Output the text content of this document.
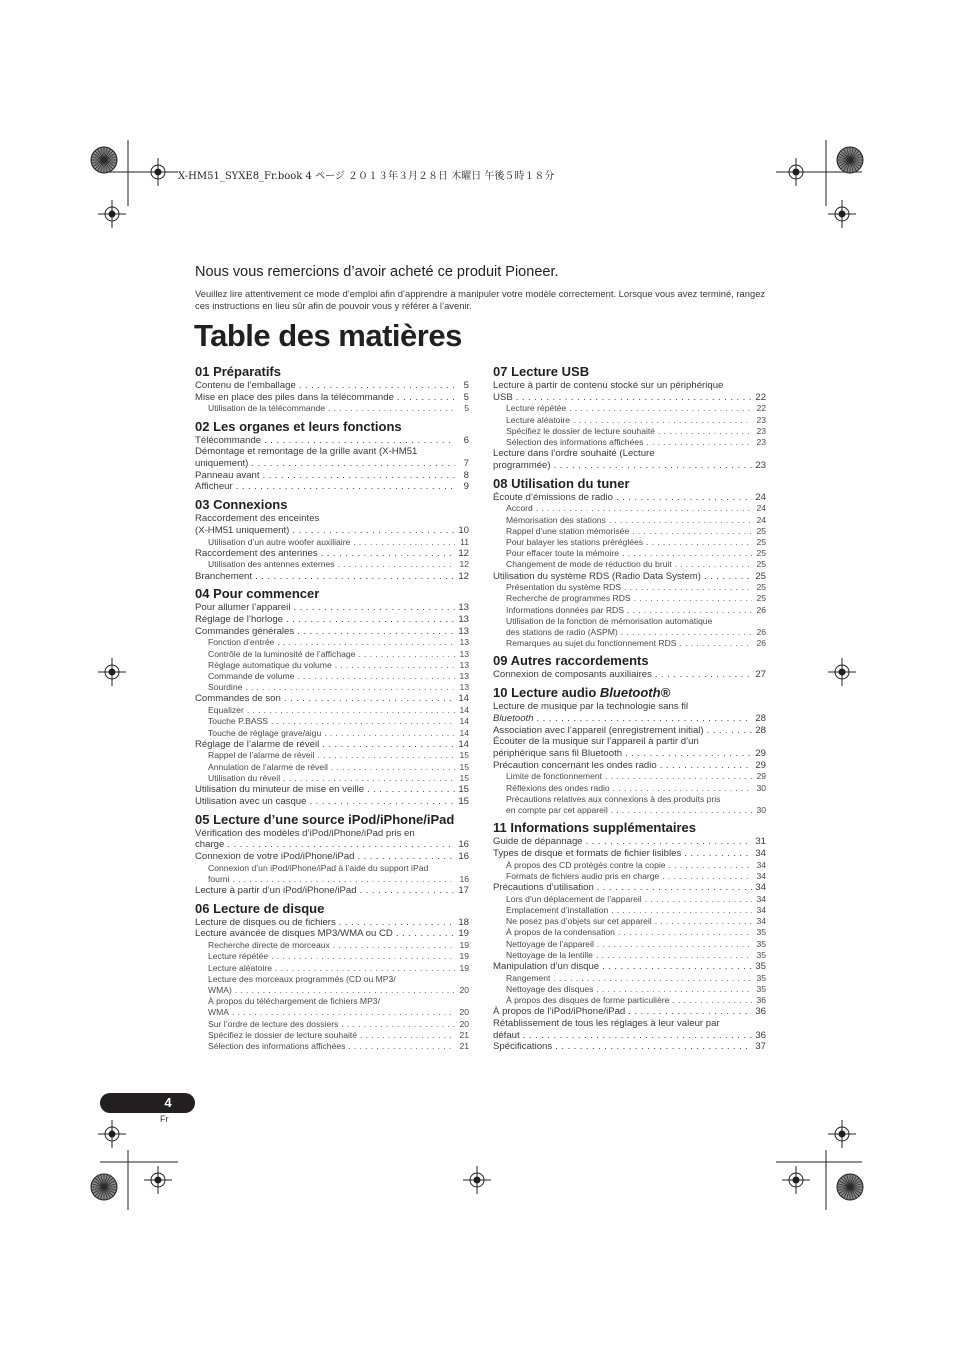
X-HM51_SYXE8_Fr.book 4 ページ ２０１３年３月２８日 木曜日 午後５時１８分
Nous vous remercions d’avoir acheté ce produit Pioneer.
Veuillez lire attentivement ce mode d’emploi afin d’apprendre à manipuler votre modèle correctement. Lorsque vous avez terminé, rangez ces instructions en lieu sûr afin de pouvoir vous y référer à l’avenir.
Table des matières
01 Préparatifs
Contenu de l’emballage . . .	5
Mise en place des piles dans la télécommande . . .	5
Utilisation de la télécommande . . .	5
02 Les organes et leurs fonctions
Télécommande . . .	6
Démontage et remontage de la grille avant (X-HM51
uniquement) . . .	7
Panneau avant . . .	8
Afficheur . . .	9
03 Connexions
Raccordement des enceintes
(X-HM51 uniquement) . . .	10
Utilisation d’un autre woofer auxiliaire . . .	11
Raccordement des antennes . . .	12
Utilisation des antennes externes . . .	12
Branchement . . .	12
04 Pour commencer
Pour allumer l’appareil . . .	13
Réglage de l’horloge . . .	13
Commandes générales . . .	13
Fonction d’entrée . . .	13
Contrôle de la luminosité de l’affichage . . .	13
Réglage automatique du volume . . .	13
Commande de volume . . .	13
Sourdine . . .	13
Commandes de son . . .	14
Equalizer . . .	14
Touche P.BASS . . .	14
Touche de réglage grave/aigu . . .	14
Réglage de l’alarme de réveil . . .	14
Rappel de l’alarme de réveil . . .	15
Annulation de l’alarme de réveil . . .	15
Utilisation du réveil . . .	15
Utilisation du minuteur de mise en veille . . .	15
Utilisation avec un casque . . .	15
05 Lecture d’une source iPod/iPhone/iPad
Vérification des modèles d’iPod/iPhone/iPad pris en
charge . . .	16
Connexion de votre iPod/iPhone/iPad . . .	16
Connexion d’un iPod/iPhone/iPad à l’aide du support iPad
fourni . . .	16
Lecture à partir d’un iPod/iPhone/iPad . . .	17
06 Lecture de disque
Lecture de disques ou de fichiers . . .	18
Lecture avancée de disques MP3/WMA ou CD . . .	19
Recherche directe de morceaux . . .	19
Lecture répétée . . .	19
Lecture aléatoire . . .	19
Lecture des morceaux programmés (CD ou MP3/
WMA) . . .	20
À propos du téléchargement de fichiers MP3/
WMA . . .	20
Sur l’ordre de lecture des dossiers . . .	20
Spécifiez le dossier de lecture souhaité . . .	21
Sélection des informations affichées . . .	21
07 Lecture USB
Lecture à partir de contenu stocké sur un périphérique
USB . . .	22
Lecture répétée . . .	22
Lecture aléatoire . . .	23
Spécifiez le dossier de lecture souhaité . . .	23
Sélection des informations affichées . . .	23
Lecture dans l’ordre souhaité (Lecture
programmée) . . .	23
08 Utilisation du tuner
Écoute d’émissions de radio . . .	24
Accord . . .	24
Mémorisation des stations . . .	24
Rappel d’une station mémorisée . . .	25
Pour balayer les stations préréglées . . .	25
Pour effacer toute la mémoire . . .	25
Changement de mode de réduction du bruit . . .	25
Utilisation du système RDS (Radio Data System) . . .	25
Présentation du système RDS . . .	25
Recherche de programmes RDS . . .	25
Informations données par RDS . . .	26
Utilisation de la fonction de mémorisation automatique
des stations de radio (ASPM) . . .	26
Remarques au sujet du fonctionnement RDS . . .	26
09 Autres raccordements
Connexion de composants auxiliaires . . .	27
10 Lecture audio Bluetooth®
Lecture de musique par la technologie sans fil
Bluetooth . . .	28
Association avec l’appareil (enregistrement initial) . . .	28
Écouter de la musique sur l’appareil à partir d’un
périphérique sans fil Bluetooth . . .	29
Précaution concernant les ondes radio . . .	29
Limite de fonctionnement . . .	29
Réflexions des ondes radio . . .	30
Précautions relatives aux connexions à des produits pris
en compte par cet appareil . . .	30
11 Informations supplémentaires
Guide de dépannage . . .	31
Types de disque et formats de fichier lisibles . . .	34
À propos des CD protégés contre la copie . . .	34
Formats de fichiers audio pris en charge . . .	34
Précautions d’utilisation . . .	34
Lors d’un déplacement de l’appareil . . .	34
Emplacement d’installation . . .	34
Ne posez pas d’objets sur cet appareil . . .	34
À propos de la condensation . . .	35
Nettoyage de l’appareil . . .	35
Nettoyage de la lentille . . .	35
Manipulation d’un disque . . .	35
Rangement . . .	35
Nettoyage des disques . . .	35
À propos des disques de forme particulière . . .	36
À propos de l’iPod/iPhone/iPad . . .	36
Rétablissement de tous les réglages à leur valeur par
défaut . . .	36
Spécifications . . .	37
4
Fr
